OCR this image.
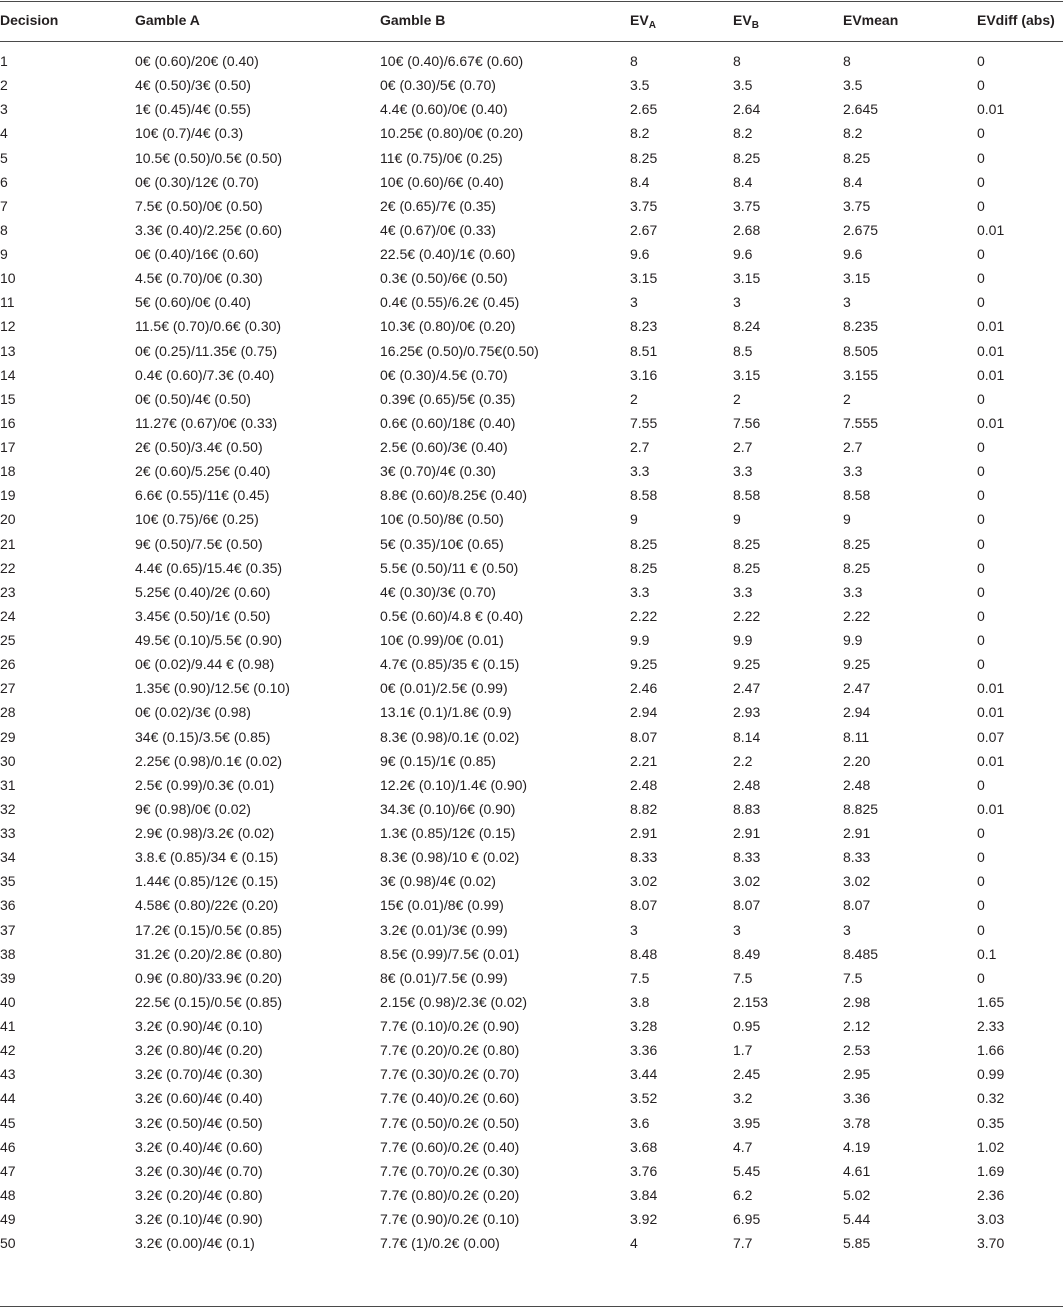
Decision	Gamble A	Gamble B	$EV_A$	$EV_B$	EVmean	EVdiff (abs)
1	0€ (0.60)/20€ (0.40)	10€ (0.40)/6.67€ (0.60)	8	8	8	0
2	4€ (0.50)/3€ (0.50)	0€ (0.30)/5€ (0.70)	3.5	3.5	3.5	0
3	1€ (0.45)/4€ (0.55)	4.4€ (0.60)/0€ (0.40)	2.65	2.64	2.645	0.01
4	10€ (0.7)/4€ (0.3)	10.25€ (0.80)/0€ (0.20)	8.2	8.2	8.2	0
5	10.5€ (0.50)/0.5€ (0.50)	11€ (0.75)/0€ (0.25)	8.25	8.25	8.25	0
6	0€ (0.30)/12€ (0.70)	10€ (0.60)/6€ (0.40)	8.4	8.4	8.4	0
7	7.5€ (0.50)/0€ (0.50)	2€ (0.65)/7€ (0.35)	3.75	3.75	3.75	0
8	3.3€ (0.40)/2.25€ (0.60)	4€ (0.67)/0€ (0.33)	2.67	2.68	2.675	0.01
9	0€ (0.40)/16€ (0.60)	22.5€ (0.40)/1€ (0.60)	9.6	9.6	9.6	0
10	4.5€ (0.70)/0€ (0.30)	0.3€ (0.50)/6€ (0.50)	3.15	3.15	3.15	0
11	5€ (0.60)/0€ (0.40)	0.4€ (0.55)/6.2€ (0.45)	3	3	3	0
12	11.5€ (0.70)/0.6€ (0.30)	10.3€ (0.80)/0€ (0.20)	8.23	8.24	8.235	0.01
13	0€ (0.25)/11.35€ (0.75)	16.25€ (0.50)/0.75€(0.50)	8.51	8.5	8.505	0.01
14	0.4€ (0.60)/7.3€ (0.40)	0€ (0.30)/4.5€ (0.70)	3.16	3.15	3.155	0.01
15	0€ (0.50)/4€ (0.50)	0.39€ (0.65)/5€ (0.35)	2	2	2	0
16	11.27€ (0.67)/0€ (0.33)	0.6€ (0.60)/18€ (0.40)	7.55	7.56	7.555	0.01
17	2€ (0.50)/3.4€ (0.50)	2.5€ (0.60)/3€ (0.40)	2.7	2.7	2.7	0
18	2€ (0.60)/5.25€ (0.40)	3€ (0.70)/4€ (0.30)	3.3	3.3	3.3	0
19	6.6€ (0.55)/11€ (0.45)	8.8€ (0.60)/8.25€ (0.40)	8.58	8.58	8.58	0
20	10€ (0.75)/6€ (0.25)	10€ (0.50)/8€ (0.50)	9	9	9	0
21	9€ (0.50)/7.5€ (0.50)	5€ (0.35)/10€ (0.65)	8.25	8.25	8.25	0
22	4.4€ (0.65)/15.4€ (0.35)	5.5€ (0.50)/11 € (0.50)	8.25	8.25	8.25	0
23	5.25€ (0.40)/2€ (0.60)	4€ (0.30)/3€ (0.70)	3.3	3.3	3.3	0
24	3.45€ (0.50)/1€ (0.50)	0.5€ (0.60)/4.8 € (0.40)	2.22	2.22	2.22	0
25	49.5€ (0.10)/5.5€ (0.90)	10€ (0.99)/0€ (0.01)	9.9	9.9	9.9	0
26	0€ (0.02)/9.44 € (0.98)	4.7€ (0.85)/35 € (0.15)	9.25	9.25	9.25	0
27	1.35€ (0.90)/12.5€ (0.10)	0€ (0.01)/2.5€ (0.99)	2.46	2.47	2.47	0.01
28	0€ (0.02)/3€ (0.98)	13.1€ (0.1)/1.8€ (0.9)	2.94	2.93	2.94	0.01
29	34€ (0.15)/3.5€ (0.85)	8.3€ (0.98)/0.1€ (0.02)	8.07	8.14	8.11	0.07
30	2.25€ (0.98)/0.1€ (0.02)	9€ (0.15)/1€ (0.85)	2.21	2.2	2.20	0.01
31	2.5€ (0.99)/0.3€ (0.01)	12.2€ (0.10)/1.4€ (0.90)	2.48	2.48	2.48	0
32	9€ (0.98)/0€ (0.02)	34.3€ (0.10)/6€ (0.90)	8.82	8.83	8.825	0.01
33	2.9€ (0.98)/3.2€ (0.02)	1.3€ (0.85)/12€ (0.15)	2.91	2.91	2.91	0
34	3.8.€ (0.85)/34 € (0.15)	8.3€ (0.98)/10 € (0.02)	8.33	8.33	8.33	0
35	1.44€ (0.85)/12€ (0.15)	3€ (0.98)/4€ (0.02)	3.02	3.02	3.02	0
36	4.58€ (0.80)/22€ (0.20)	15€ (0.01)/8€ (0.99)	8.07	8.07	8.07	0
37	17.2€ (0.15)/0.5€ (0.85)	3.2€ (0.01)/3€ (0.99)	3	3	3	0
38	31.2€ (0.20)/2.8€ (0.80)	8.5€ (0.99)/7.5€ (0.01)	8.48	8.49	8.485	0.1
39	0.9€ (0.80)/33.9€ (0.20)	8€ (0.01)/7.5€ (0.99)	7.5	7.5	7.5	0
40	22.5€ (0.15)/0.5€ (0.85)	2.15€ (0.98)/2.3€ (0.02)	3.8	2.153	2.98	1.65
41	3.2€ (0.90)/4€ (0.10)	7.7€ (0.10)/0.2€ (0.90)	3.28	0.95	2.12	2.33
42	3.2€ (0.80)/4€ (0.20)	7.7€ (0.20)/0.2€ (0.80)	3.36	1.7	2.53	1.66
43	3.2€ (0.70)/4€ (0.30)	7.7€ (0.30)/0.2€ (0.70)	3.44	2.45	2.95	0.99
44	3.2€ (0.60)/4€ (0.40)	7.7€ (0.40)/0.2€ (0.60)	3.52	3.2	3.36	0.32
45	3.2€ (0.50)/4€ (0.50)	7.7€ (0.50)/0.2€ (0.50)	3.6	3.95	3.78	0.35
46	3.2€ (0.40)/4€ (0.60)	7.7€ (0.60)/0.2€ (0.40)	3.68	4.7	4.19	1.02
47	3.2€ (0.30)/4€ (0.70)	7.7€ (0.70)/0.2€ (0.30)	3.76	5.45	4.61	1.69
48	3.2€ (0.20)/4€ (0.80)	7.7€ (0.80)/0.2€ (0.20)	3.84	6.2	5.02	2.36
49	3.2€ (0.10)/4€ (0.90)	7.7€ (0.90)/0.2€ (0.10)	3.92	6.95	5.44	3.03
50	3.2€ (0.00)/4€ (0.1)	7.7€ (1)/0.2€ (0.00)	4	7.7	5.85	3.70
